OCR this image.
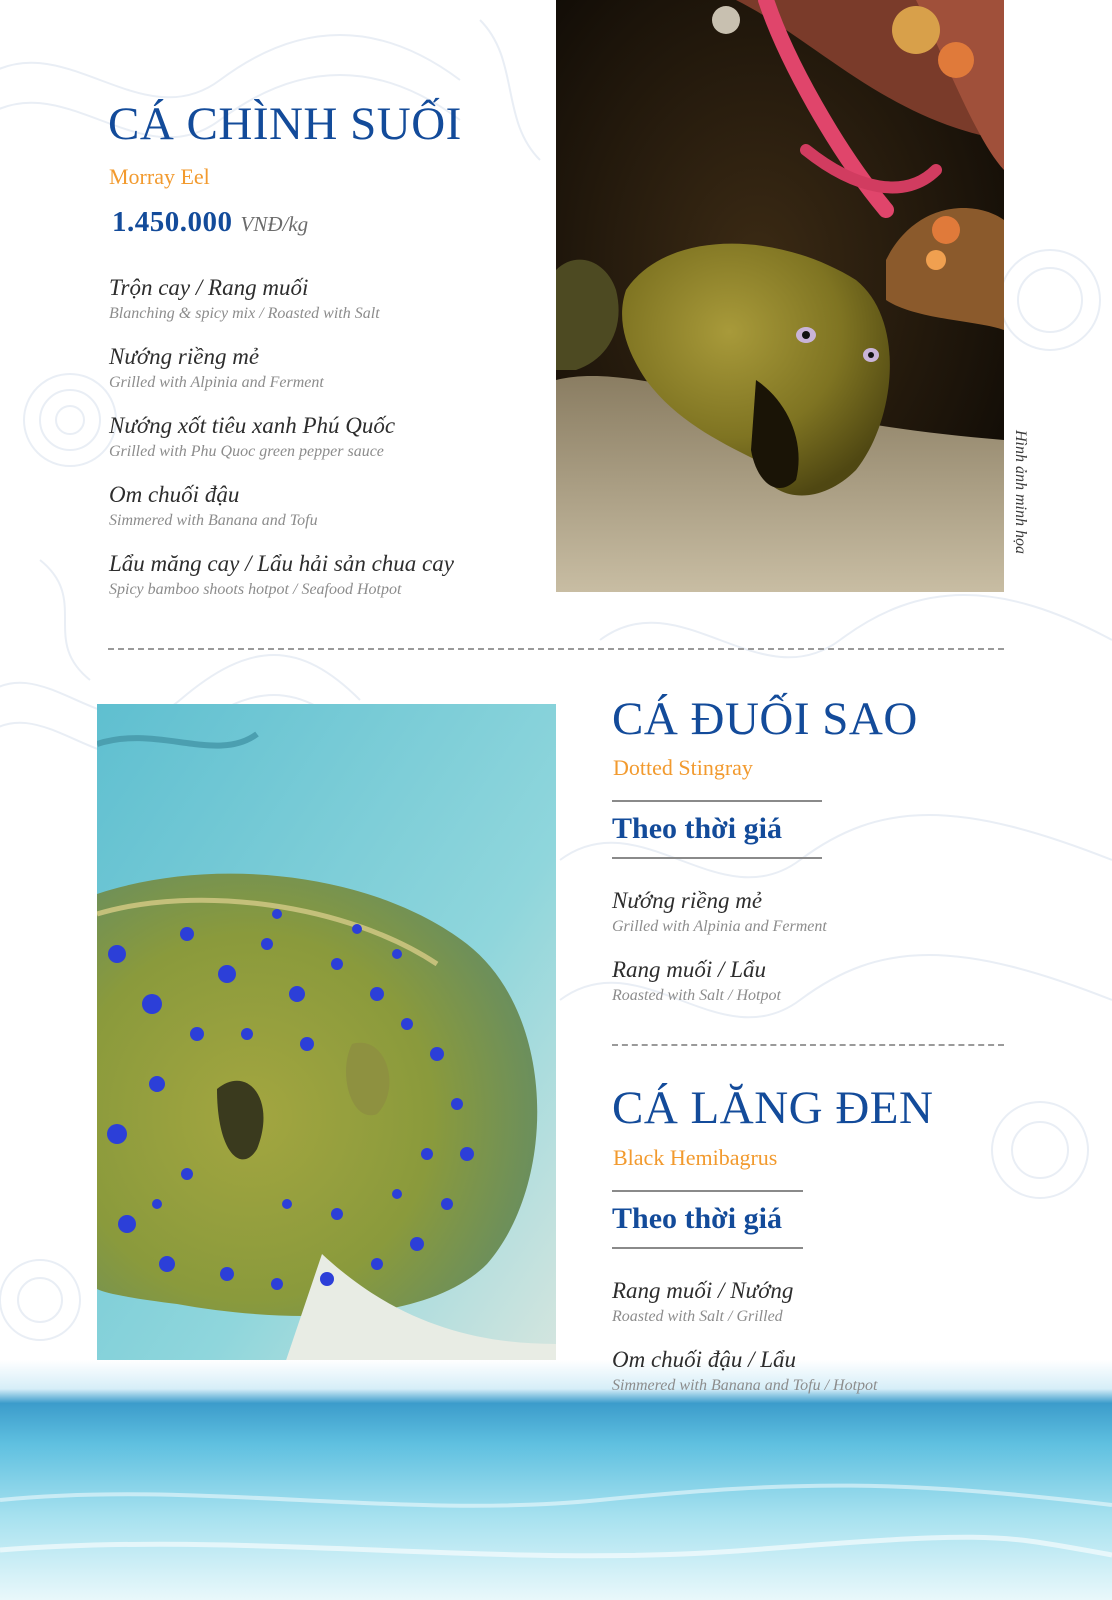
CÁ CHÌNH SUỐI

Morray Eel

1.450.000 VNĐ/kg

Trộn cay / Rang muối

Blanching & spicy mix / Roasted with Salt

Nướng riềng mẻ

Grilled with Alpinia and Ferment

Nướng xốt tiêu xanh Phú Quốc

Grilled with Phu Quoc green pepper sauce

Om chuối đậu

Simmered with Banana and Tofu

Lẩu măng cay / Lẩu hải sản chua cay

Spicy bamboo shoots hotpot / Seafood Hotpot

Hình ảnh minh họa
CÁ ĐUỐI SAO

Dotted Stingray

Theo thời giá

Nướng riềng mẻ

Grilled with Alpinia and Ferment

Rang muối / Lẩu

Roasted with Salt / Hotpot

CÁ LĂNG ĐEN

Black Hemibagrus

Theo thời giá

Rang muối / Nướng

Roasted with Salt / Grilled

Om chuối đậu / Lẩu

Simmered with Banana and Tofu / Hotpot
